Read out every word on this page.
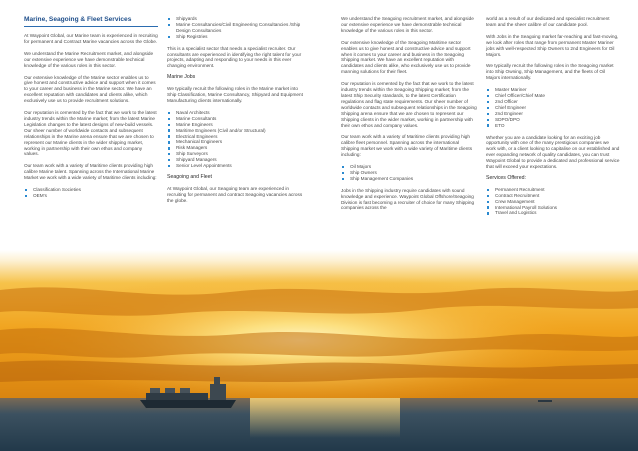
Marine, Seagoing & Fleet Services

At Waypoint Global, our Marine team is experienced in recruiting for permanent and Contract Marine vacancies across the Globe.

We understand the Marine Recruitment market, and alongside our extensive experience we have demonstrable technical knowledge of the various roles in this sector.

Our extensive knowledge of the Marine sector enables us to give honest and constructive advice and support when it comes to your career and business in the Marine sector. We have an excellent reputation with candidates and clients alike, which exclusively use us to provide recruitment solutions.

Our reputation is cemented by the fact that we work to the latest industry trends within the Marine market; from the latest Marine Legislation changes to the latest designs of new-build vessels. Our sheer number of worldwide contacts and subsequent relationships in the Marine arena ensure that we are chosen to represent our Marine clients in the wider shipping market, working in partnership with their own ethos and company values.

Our team work with a variety of Maritime clients providing high calibre Marine talent. Spanning across the International Marine Market we work with a wide variety of Maritime clients including:

Classification Societies
OEM's
Shipyards
Marine Consultancies/Civil Engineering Consultancies /Ship Design Consultancies
Ship Registries

This is a specialist sector that needs a specialist recruiter. Our consultants are experienced in identifying the right talent for your projects, adapting and responding to your needs in this ever changing environment.

Marine Jobs

We typically recruit the following roles in the Marine market into Ship Classification, Marine Consultancy, Shipyard and Equipment Manufacturing clients internationally.

Naval Architects
Marine Consultants
Marine Engineers
Maritime Engineers (Civil and/or Structural)
Electrical Engineers
Mechanical Engineers
Risk Managers
Ship Surveyors
Shipyard Managers
Senior Level Appointments
Seagoing and Fleet

At Waypoint Global, our Seagoing team are experienced in recruiting for permanent and contract Seagoing vacancies across the globe.

We understand the Seagoing recruitment market, and alongside our extensive experience we have demonstrable technical knowledge of the various roles in this sector.

Our extensive knowledge of the Seagoing Maritime sector enables us to give honest and constructive advice and support when it comes to your career and business in the Seagoing Shipping market. We have an excellent reputation with candidates and clients alike, who exclusively use us to provide manning solutions for their fleet.

Our reputation is cemented by the fact that we work to the latest industry trends within the Seagoing Shipping market; from the latest Ship Security standards, to the latest Certification regulations and flag state requirements. Our sheer number of worldwide contacts and subsequent relationships in the Seagoing Shipping arena ensure that we are chosen to represent our Shipping clients in the wider market, working in partnership with their own ethos and company values.

Our team work with a variety of Maritime clients providing high calibre fleet personnel. Spanning across the international Shipping market we work with a wide variety of Maritime clients including:

Oil Majors
Ship Owners
Ship Management Companies

Jobs in the Shipping industry require candidates with sound knowledge and experience. Waypoint Global Offshore/Seagoing Division is fast becoming a recruiter of choice for many Shipping companies across the

world as a result of our dedicated and specialist recruitment team and the sheer calibre of our candidate pool.

With Jobs in the Seagoing market far-reaching and fast-moving, we look after roles that range from permanent Master Mariner jobs with well-respected Ship Owners to 2nd Engineers for Oil Majors.

We typically recruit the following roles in the Seagoing market into Ship Owning, Ship Management, and the fleets of Oil Majors internationally.

Master Mariner
Chief Officer/Chief Mate
2nd Officer
Chief Engineer
2nd Engineer
SDPO/DPO
ETO

Whether you are a candidate looking for an exciting job opportunity with one of the many prestigious companies we work with, or a client looking to capitalise on our established and ever expanding network of quality candidates, you can trust Waypoint Global to provide a dedicated and professional service that will exceed your expectations.

Services Offered:
Permanent Recruitment
Contract Recruitment
Crew Management
International Payroll Solutions
Travel and Logistics
